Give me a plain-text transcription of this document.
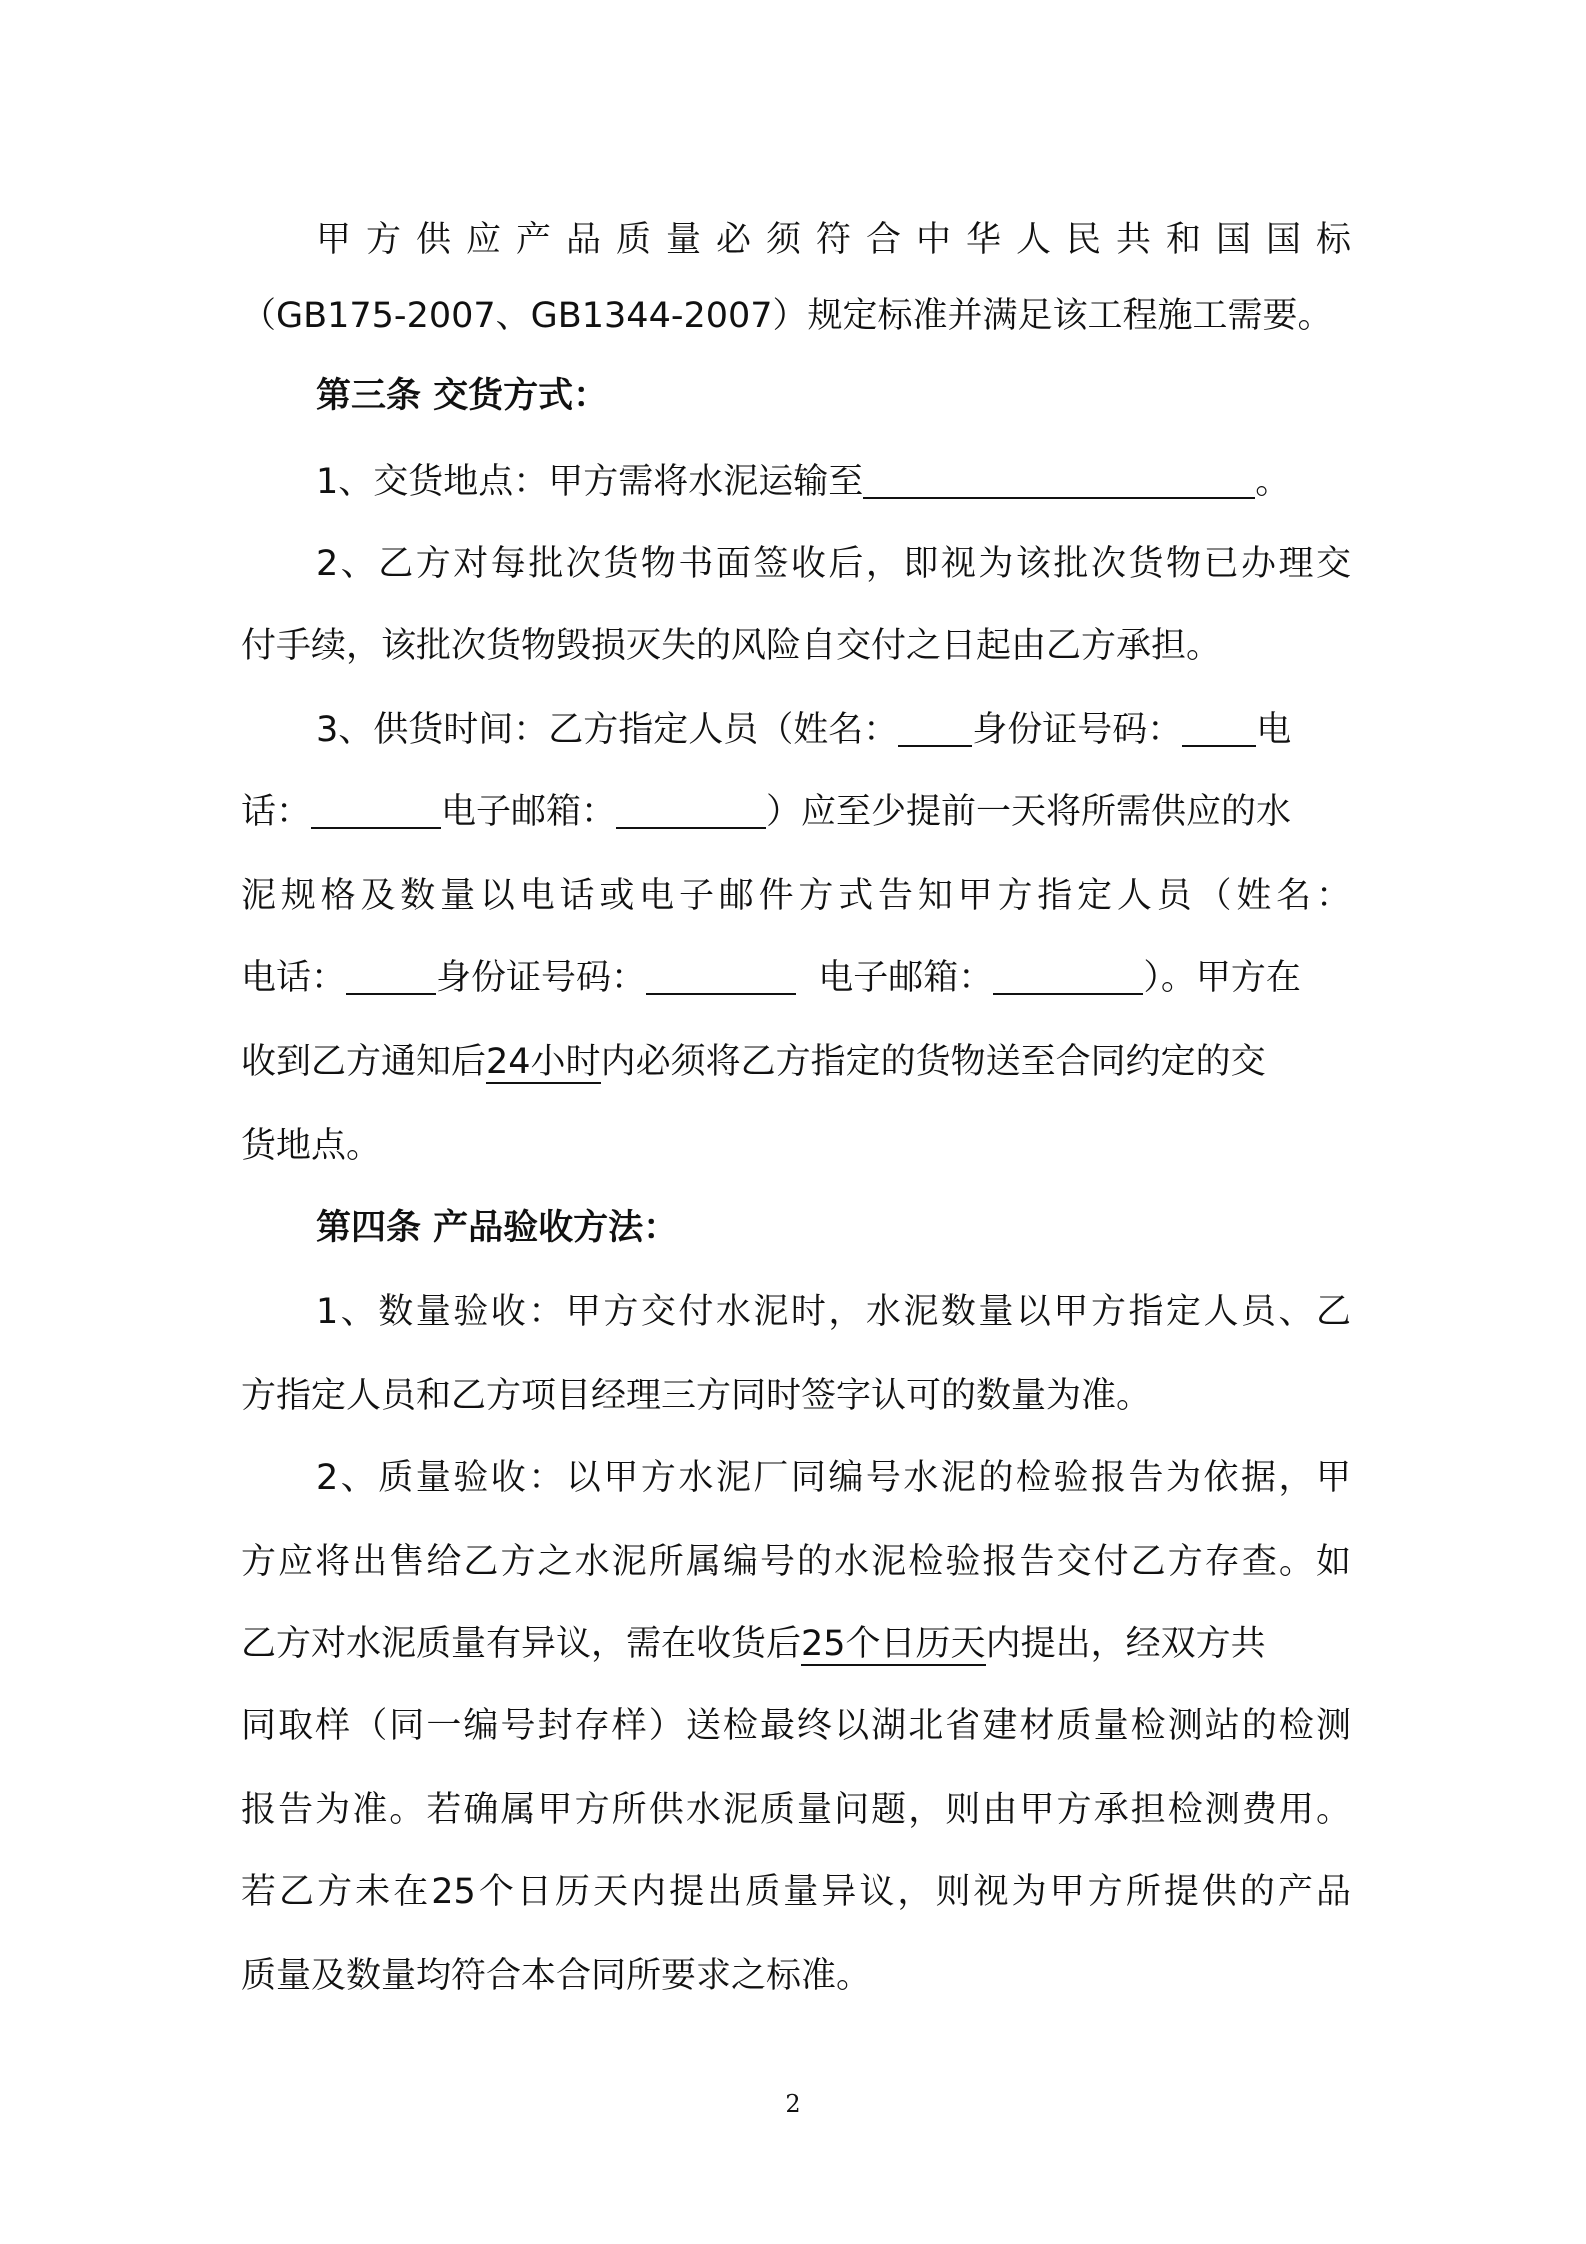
甲方供应产品质量必须符合中华人民共和国国标
（GB175-2007、GB1344-2007）规定标准并满足该工程施工需要。
第三条 交货方式：
1、交货地点：甲方需将水泥运输至	。
2、乙方对每批次货物书面签收后，即视为该批次货物已办理交
付手续，该批次货物毁损灭失的风险自交付之日起由乙方承担。
3、供货时间：乙方指定人员（姓名： 身份证号码： 电
话：	电子邮箱：	）应至少提前一天将所需供应的水
泥规格及数量以电话或电子邮件方式告知甲方指定人员（姓名：
电话：	身份证号码：	电子邮箱：	）。甲方在
收到乙方通知后24小时内必须将乙方指定的货物送至合同约定的交
货地点。
第四条 产品验收方法：
1、数量验收：甲方交付水泥时，水泥数量以甲方指定人员、乙
方指定人员和乙方项目经理三方同时签字认可的数量为准。
2、质量验收：以甲方水泥厂同编号水泥的检验报告为依据，甲
方应将出售给乙方之水泥所属编号的水泥检验报告交付乙方存查。如
乙方对水泥质量有异议，需在收货后25个日历天内提出，经双方共
同取样（同一编号封存样）送检最终以湖北省建材质量检测站的检测
报告为准。若确属甲方所供水泥质量问题，则由甲方承担检测费用。
若乙方未在25个日历天内提出质量异议，则视为甲方所提供的产品
质量及数量均符合本合同所要求之标准。
2
